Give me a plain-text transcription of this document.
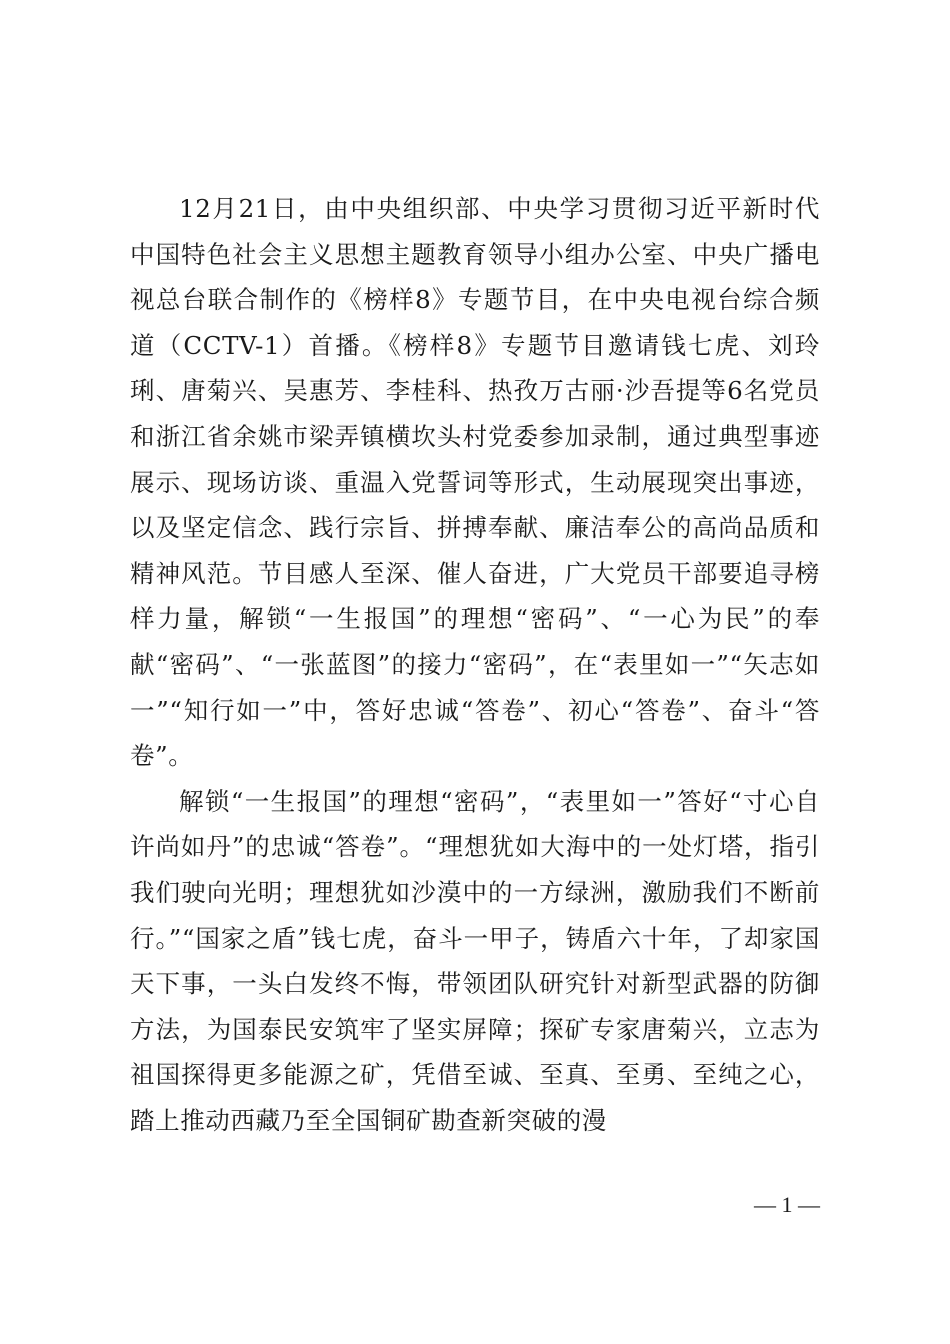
12月21日，由中央组织部、中央学习贯彻习近平新时代中国特色社会主义思想主题教育领导小组办公室、中央广播电视总台联合制作的《榜样8》专题节目，在中央电视台综合频道（CCTV-1）首播。《榜样8》专题节目邀请钱七虎、刘玲琍、唐菊兴、吴惠芳、李桂科、热孜万古丽·沙吾提等6名党员和浙江省余姚市梁弄镇横坎头村党委参加录制，通过典型事迹展示、现场访谈、重温入党誓词等形式，生动展现突出事迹，以及坚定信念、践行宗旨、拼搏奉献、廉洁奉公的高尚品质和精神风范。节目感人至深、催人奋进，广大党员干部要追寻榜样力量，解锁“一生报国”的理想“密码”、“一心为民”的奉献“密码”、“一张蓝图”的接力“密码”，在“表里如一”“矢志如一”“知行如一”中，答好忠诚“答卷”、初心“答卷”、奋斗“答卷”。

解锁“一生报国”的理想“密码”，“表里如一”答好“寸心自许尚如丹”的忠诚“答卷”。“理想犹如大海中的一处灯塔，指引我们驶向光明；理想犹如沙漠中的一方绿洲，激励我们不断前行。”“国家之盾”钱七虎，奋斗一甲子，铸盾六十年，了却家国天下事，一头白发终不悔，带领团队研究针对新型武器的防御方法，为国泰民安筑牢了坚实屏障；探矿专家唐菊兴，立志为祖国探得更多能源之矿，凭借至诚、至真、至勇、至纯之心，踏上推动西藏乃至全国铜矿勘查新突破的漫

— 1 —
